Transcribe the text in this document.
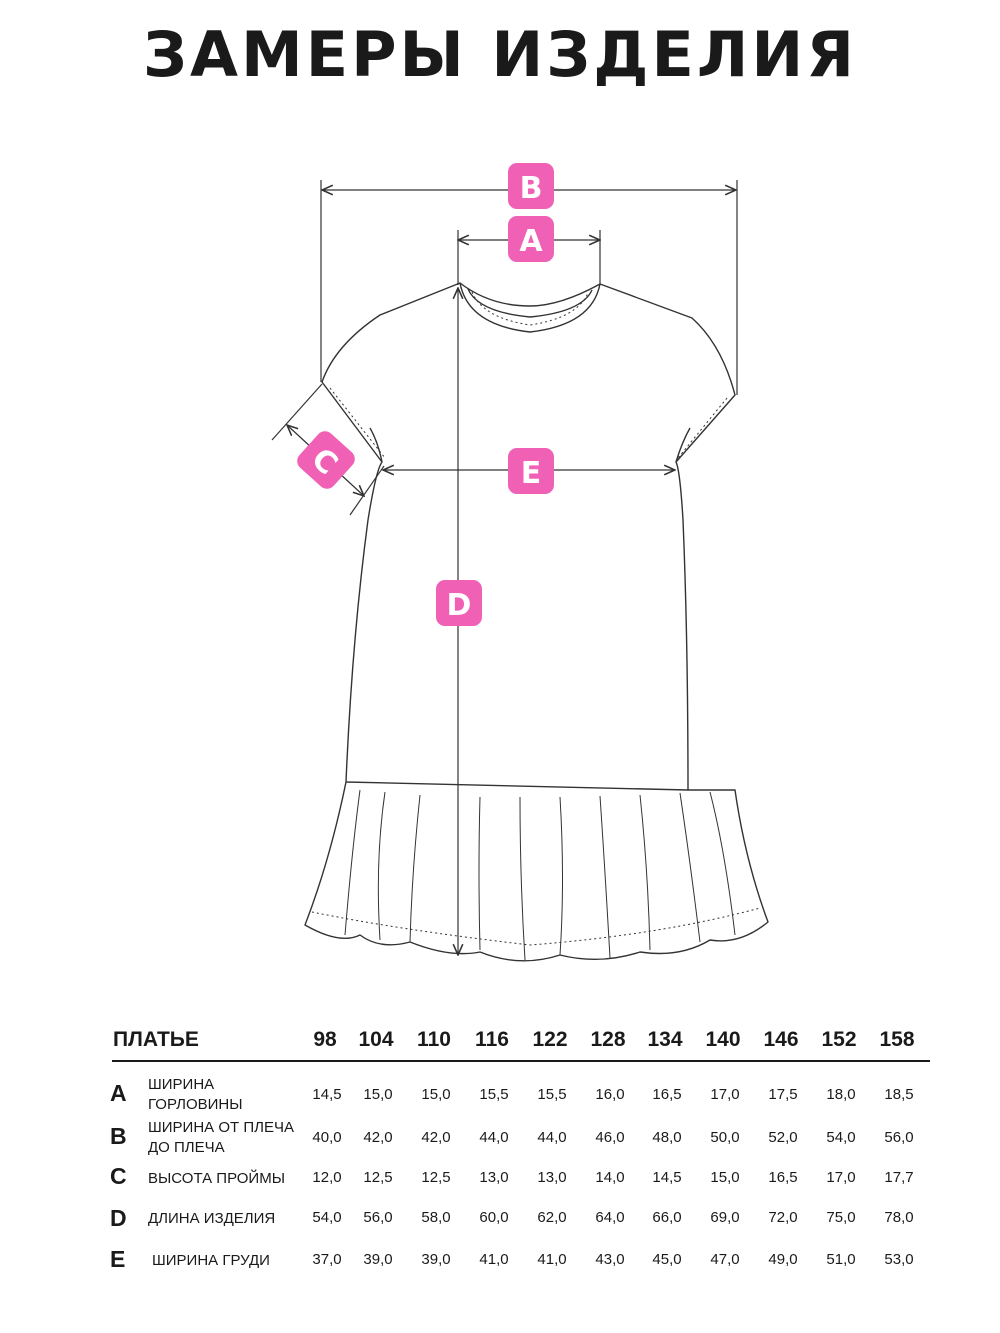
ЗАМЕРЫ ИЗДЕЛИЯ
B
A
C	E
D
ПЛАТЬЕ	98	104	110	116	122	128	134	140	146	152	158
A ШИРИНА
ГОРЛОВИНЫ
14,5	15,0	15,0	15,5	15,5	16,0	16,5	17,0	17,5	18,0	18,5
B ШИРИНА ОТ ПЛЕЧА
ДО ПЛЕЧА
40,0	42,0	42,0	44,0	44,0	46,0	48,0	50,0	52,0	54,0	56,0
C ВЫСОТА ПРОЙМЫ	12,0	12,5	12,5	13,0	13,0	14,0	14,5	15,0	16,5	17,0	17,7
D ДЛИНА ИЗДЕЛИЯ	54,0	56,0	58,0	60,0	62,0	64,0	66,0	69,0	72,0	75,0	78,0
E ШИРИНА ГРУДИ	37,0	39,0	39,0	41,0	41,0	43,0	45,0	47,0	49,0	51,0	53,0
